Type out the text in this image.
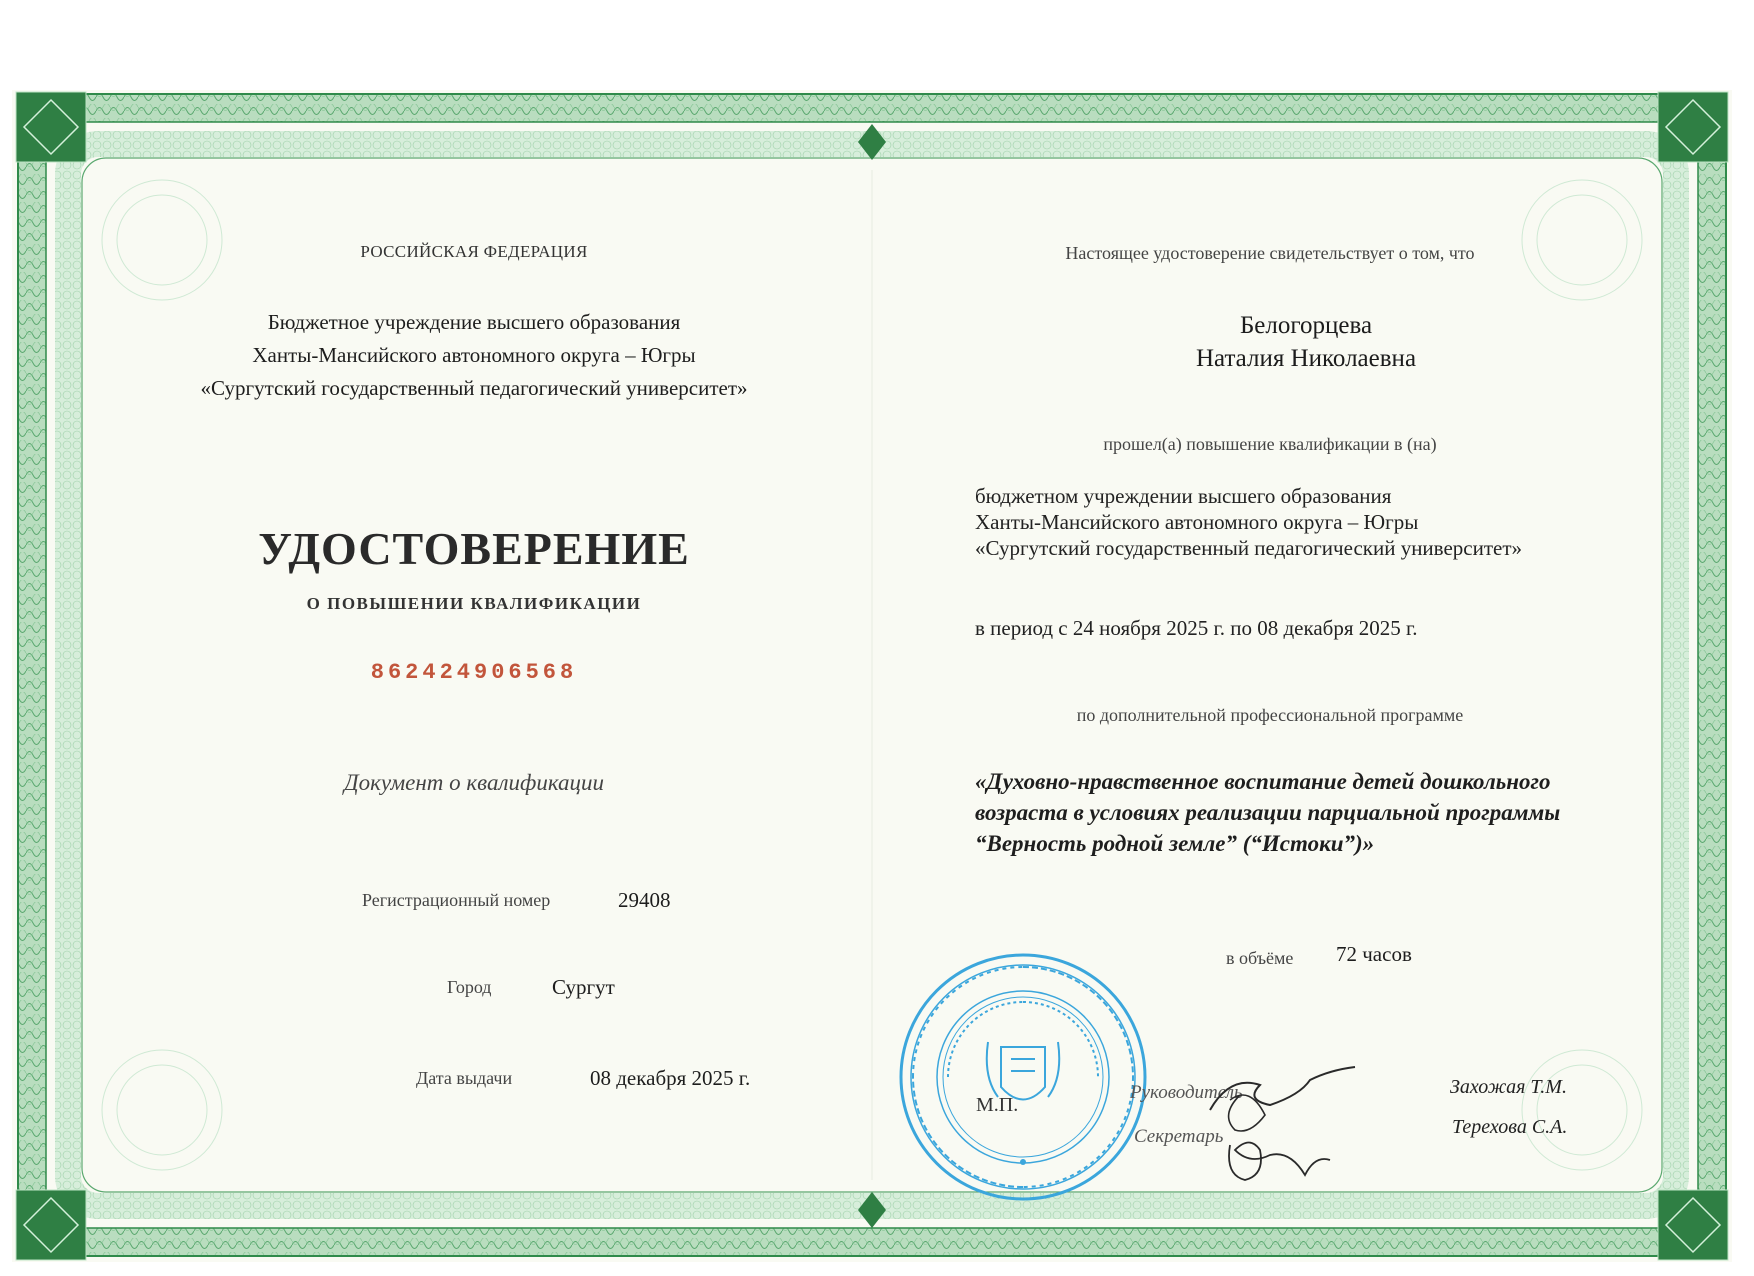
РОССИЙСКАЯ ФЕДЕРАЦИЯ
Бюджетное учреждение высшего образования
Ханты-Мансийского автономного округа – Югры
«Сургутский государственный педагогический университет»
УДОСТОВЕРЕНИЕ
О ПОВЫШЕНИИ КВАЛИФИКАЦИИ
862424906568
Документ о квалификации
Регистрационный номер	29408
Город	Сургут
Дата выдачи	08 декабря 2025 г.
Настоящее удостоверение свидетельствует о том, что
Белогорцева
Наталия Николаевна
прошел(а) повышение квалификации в (на)
бюджетном учреждении высшего образования
Ханты-Мансийского автономного округа – Югры
«Сургутский государственный педагогический университет»
в период с 24 ноября 2025 г. по 08 декабря 2025 г.
по дополнительной профессиональной программе
«Духовно-нравственное воспитание детей дошкольного
возраста в условиях реализации парциальной программы
“Верность родной земле” (“Истоки”)»
в объёме 72 часов
М.П.
Руководитель
Секретарь
Захожая Т.М.
Терехова С.А.
